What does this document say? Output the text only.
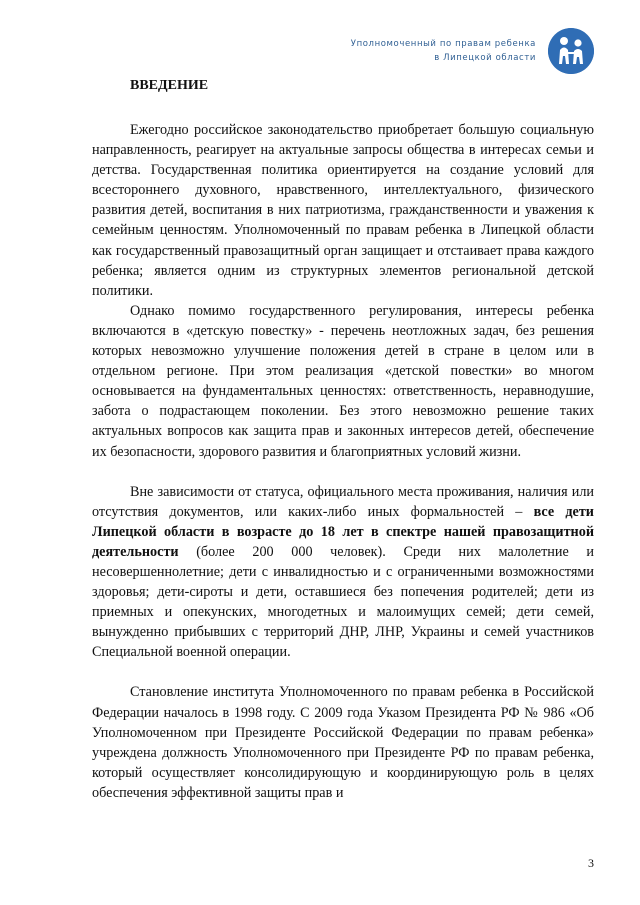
Уполномоченный по правам ребенка
в Липецкой области
ВВЕДЕНИЕ

Ежегодно российское законодательство приобретает большую социальную направленность, реагирует на актуальные запросы общества в интересах семьи и детства. Государственная политика ориентируется на создание условий для всестороннего духовного, нравственного, интеллектуального, физического развития детей, воспитания в них патриотизма, гражданственности и уважения к семейным ценностям. Уполномоченный по правам ребенка в Липецкой области как государственный правозащитный орган защищает и отстаивает права каждого ребенка; является одним из структурных элементов региональной детской политики.

Однако помимо государственного регулирования, интересы ребенка включаются в «детскую повестку» - перечень неотложных задач, без решения которых невозможно улучшение положения детей в стране в целом или в отдельном регионе. При этом реализация «детской повестки» во многом основывается на фундаментальных ценностях: ответственность, неравнодушие, забота о подрастающем поколении. Без этого невозможно решение таких актуальных вопросов как защита прав и законных интересов детей, обеспечение их безопасности, здорового развития и благоприятных условий жизни.

Вне зависимости от статуса, официального места проживания, наличия или отсутствия документов, или каких-либо иных формальностей – все дети Липецкой области в возрасте до 18 лет в спектре нашей правозащитной деятельности (более 200 000 человек). Среди них малолетние и несовершеннолетние; дети с инвалидностью и с ограниченными возможностями здоровья; дети-сироты и дети, оставшиеся без попечения родителей; дети из приемных и опекунских, многодетных и малоимущих семей; дети семей, вынужденно прибывших с территорий ДНР, ЛНР, Украины и семей участников Специальной военной операции.

Становление института Уполномоченного по правам ребенка в Российской Федерации началось в 1998 году. С 2009 года Указом Президента РФ № 986 «Об Уполномоченном при Президенте Российской Федерации по правам ребенка» учреждена должность Уполномоченного при Президенте РФ по правам ребенка, который осуществляет консолидирующую и координирующую роль в целях обеспечения эффективной защиты прав и

3
